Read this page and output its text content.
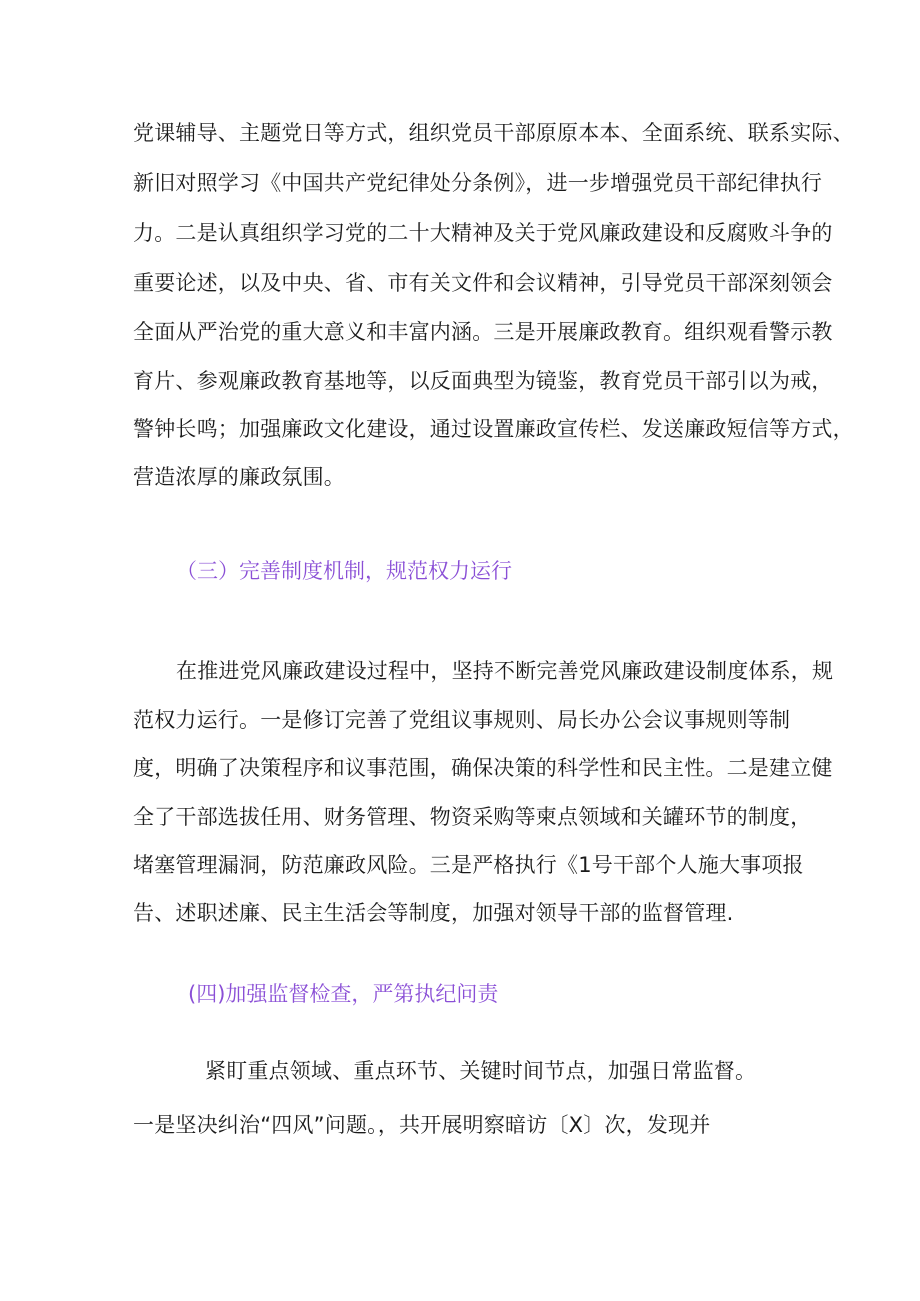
党课辅导、主题党日等方式，组织党员干部原原本本、全面系统、联系实际、
新旧对照学习《中国共产党纪律处分条例》，进一步增强党员干部纪律执行
力。二是认真组织学习党的二十大精神及关于党风廉政建设和反腐败斗争的
重要论述，以及中央、省、市有关文件和会议精神，引导党员干部深刻领会
全面从严治党的重大意义和丰富内涵。三是开展廉政教育。组织观看警示教
育片、参观廉政教育基地等，以反面典型为镜鉴，教育党员干部引以为戒，
警钟长鸣；加强廉政文化建设，通过设置廉政宣传栏、发送廉政短信等方式，
营造浓厚的廉政氛围。
（三）完善制度机制，规范权力运行
在推进党风廉政建设过程中，坚持不断完善党风廉政建设制度体系，规
范权力运行。一是修订完善了党组议事规则、局长办公会议事规则等制
度，明确了决策程序和议事范围，确保决策的科学性和民主性。二是建立健
全了干部选拔任用、财务管理、物资采购等柬点领域和关罐环节的制度，
堵塞管理漏洞，防范廉政风险。三是严格执行《1号干部个人施大事项报
告、述职述廉、民主生活会等制度，加强对领导干部的监督管理.
(四)加强监督检查，严第执纪问责
紧盯重点领域、重点环节、关键时间节点，加强日常监督。
一是坚决纠治“四风”问题。，共开展明察暗访〔X〕次，发现并
